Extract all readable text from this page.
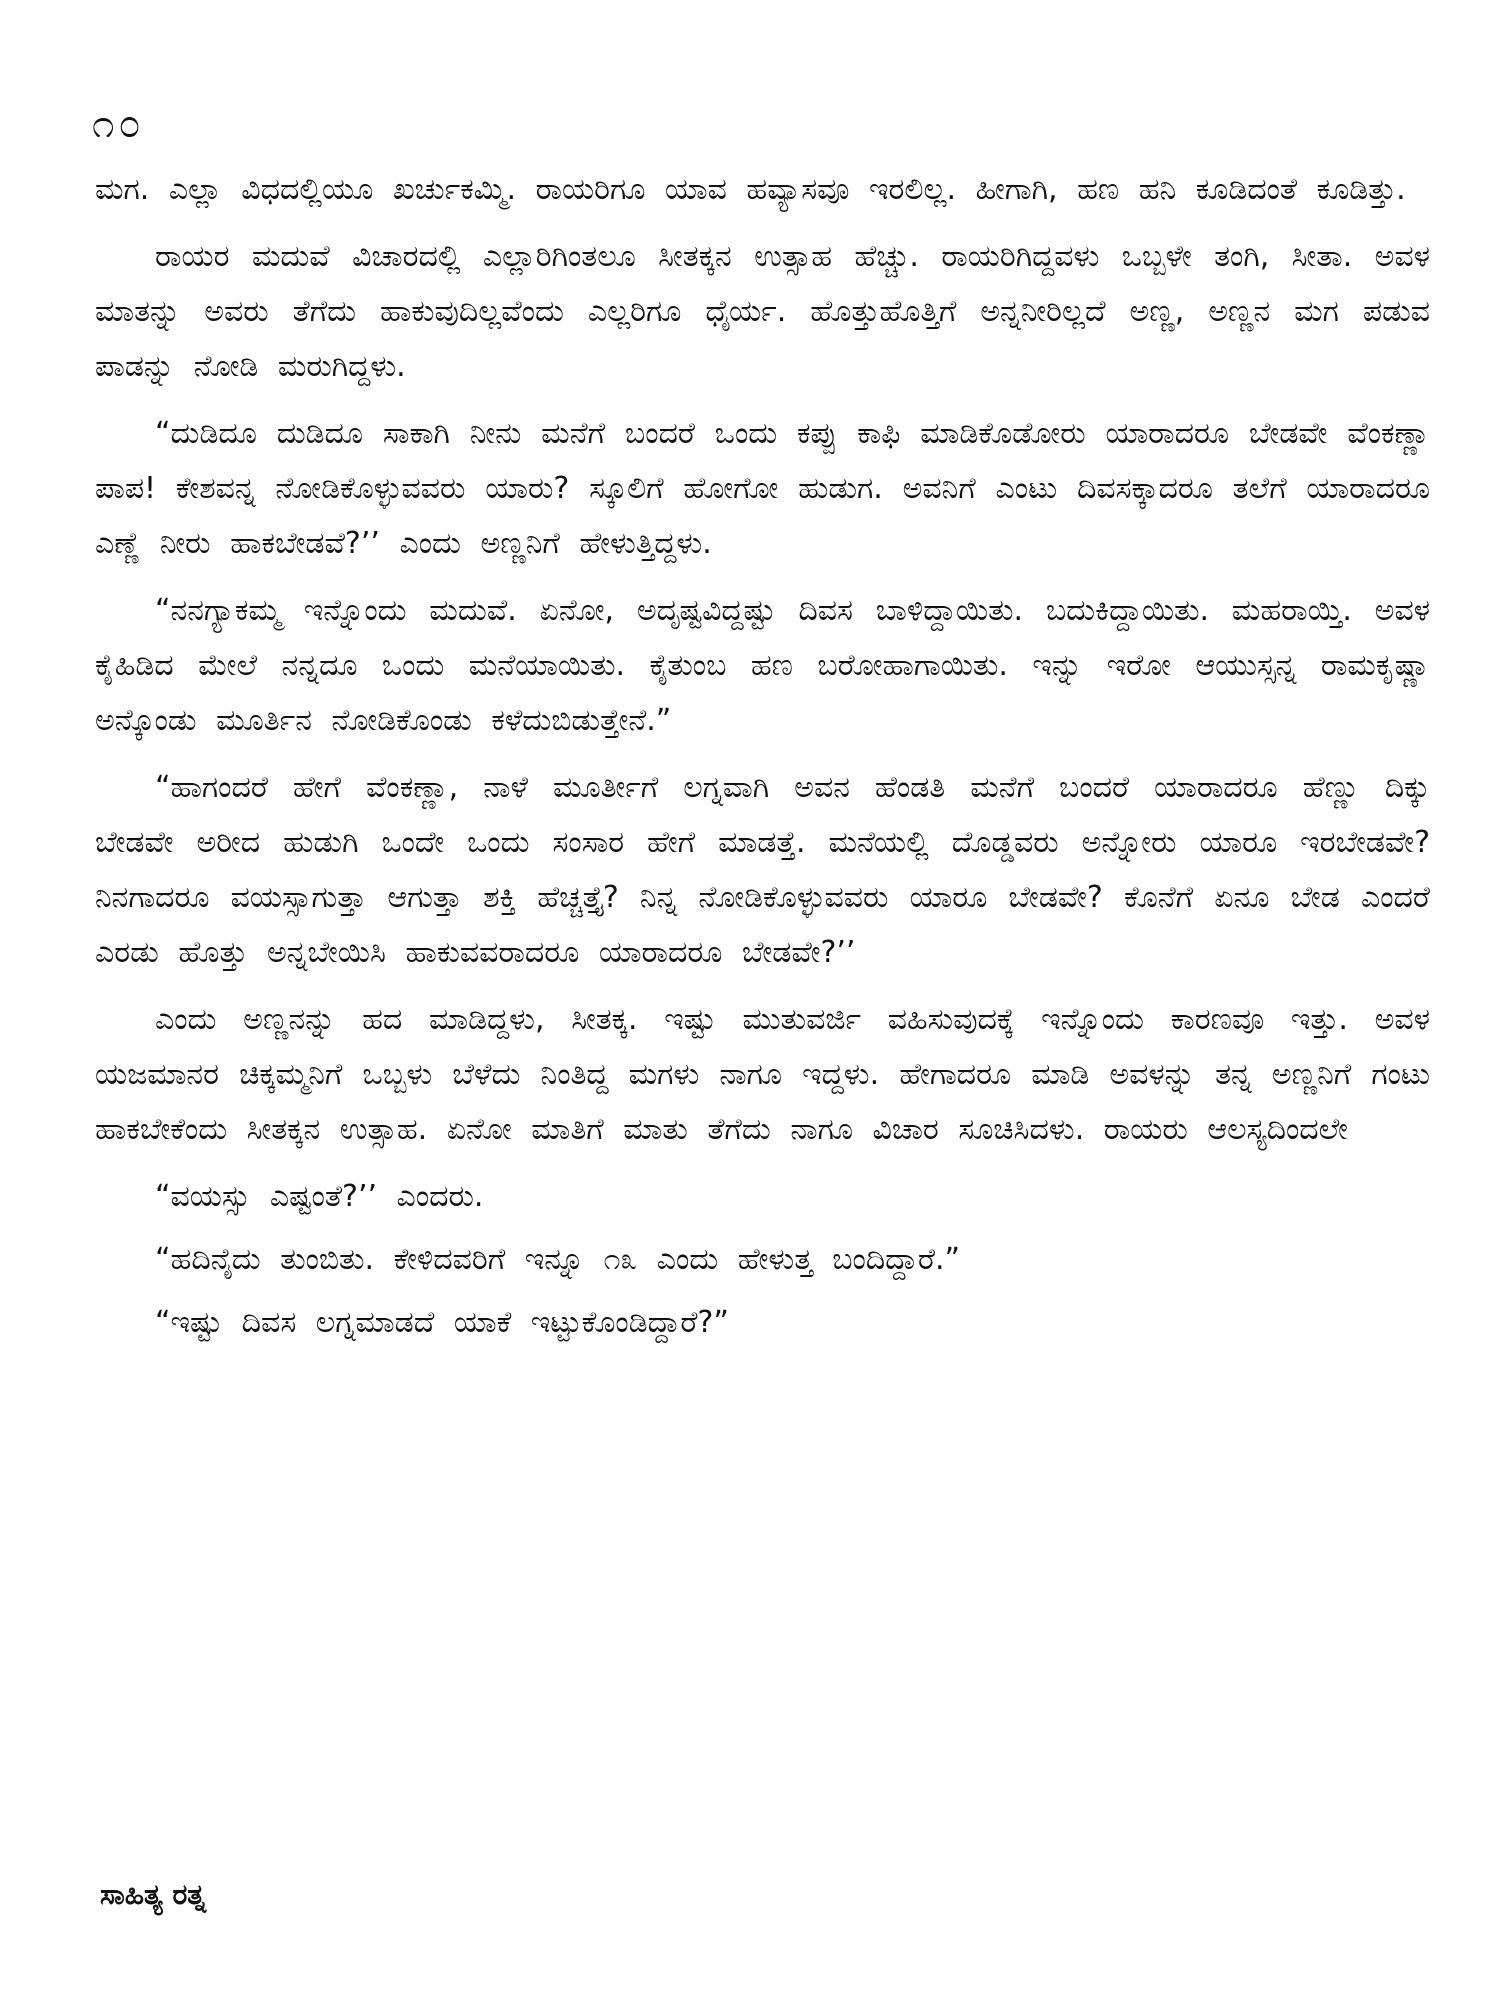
೧೦

ಮಗ. ಎಲ್ಲಾ ವಿಧದಲ್ಲಿಯೂ ಖರ್ಚುಕಮ್ಮಿ. ರಾಯರಿಗೂ ಯಾವ ಹವ್ಯಾಸವೂ ಇರಲಿಲ್ಲ. ಹೀಗಾಗಿ, ಹಣ ಹನಿ ಕೂಡಿದಂತೆ ಕೂಡಿತ್ತು.

ರಾಯರ ಮದುವೆ ವಿಚಾರದಲ್ಲಿ ಎಲ್ಲಾರಿಗಿಂತಲೂ ಸೀತಕ್ಕನ ಉತ್ಸಾಹ ಹೆಚ್ಚು. ರಾಯರಿಗಿದ್ದವಳು ಒಬ್ಬಳೇ ತಂಗಿ, ಸೀತಾ. ಅವಳ ಮಾತನ್ನು ಅವರು ತೆಗೆದು ಹಾಕುವುದಿಲ್ಲವೆಂದು ಎಲ್ಲರಿಗೂ ಧೈರ್ಯ. ಹೊತ್ತುಹೊತ್ತಿಗೆ ಅನ್ನನೀರಿಲ್ಲದೆ ಅಣ್ಣ, ಅಣ್ಣನ ಮಗ ಪಡುವ ಪಾಡನ್ನು ನೋಡಿ ಮರುಗಿದ್ದಳು.

“ದುಡಿದೂ ದುಡಿದೂ ಸಾಕಾಗಿ ನೀನು ಮನೆಗೆ ಬಂದರೆ ಒಂದು ಕಪ್ಪು ಕಾಫಿ ಮಾಡಿಕೊಡೋರು ಯಾರಾದರೂ ಬೇಡವೇ ವೆಂಕಣ್ಣಾ ಪಾಪ! ಕೇಶವನ್ನ ನೋಡಿಕೊಳ್ಳುವವರು ಯಾರು? ಸ್ಕೂಲಿಗೆ ಹೋಗೋ ಹುಡುಗ. ಅವನಿಗೆ ಎಂಟು ದಿವಸಕ್ಕಾದರೂ ತಲೆಗೆ ಯಾರಾದರೂ ಎಣ್ಣೆ ನೀರು ಹಾಕಬೇಡವೆ?’’ ಎಂದು ಅಣ್ಣನಿಗೆ ಹೇಳುತ್ತಿದ್ದಳು.

“ನನಗ್ಯಾಕಮ್ಮ ಇನ್ನೊಂದು ಮದುವೆ. ಏನೋ, ಅದೃಷ್ಟವಿದ್ದಷ್ಟು ದಿವಸ ಬಾಳಿದ್ದಾಯಿತು. ಬದುಕಿದ್ದಾಯಿತು. ಮಹರಾಯ್ತಿ. ಅವಳ ಕೈಹಿಡಿದ ಮೇಲೆ ನನ್ನದೂ ಒಂದು ಮನೆಯಾಯಿತು. ಕೈತುಂಬ ಹಣ ಬರೋಹಾಗಾಯಿತು. ಇನ್ನು ಇರೋ ಆಯುಸ್ಸನ್ನ ರಾಮಕೃಷ್ಣಾ ಅನ್ಕೊಂಡು ಮೂರ್ತಿನ ನೋಡಿಕೊಂಡು ಕಳೆದುಬಿಡುತ್ತೇನೆ.”

“ಹಾಗಂದರೆ ಹೇಗೆ ವೆಂಕಣ್ಣಾ, ನಾಳೆ ಮೂರ್ತೀಗೆ ಲಗ್ನವಾಗಿ ಅವನ ಹೆಂಡತಿ ಮನೆಗೆ ಬಂದರೆ ಯಾರಾದರೂ ಹೆಣ್ಣು ದಿಕ್ಕು ಬೇಡವೇ ಅರೀದ ಹುಡುಗಿ ಒಂದೇ ಒಂದು ಸಂಸಾರ ಹೇಗೆ ಮಾಡತ್ತೆ. ಮನೆಯಲ್ಲಿ ದೊಡ್ಡವರು ಅನ್ನೋರು ಯಾರೂ ಇರಬೇಡವೇ? ನಿನಗಾದರೂ ವಯಸ್ಸಾಗುತ್ತಾ ಆಗುತ್ತಾ ಶಕ್ತಿ ಹೆಚ್ಚತ್ತೈ? ನಿನ್ನ ನೋಡಿಕೊಳ್ಳುವವರು ಯಾರೂ ಬೇಡವೇ? ಕೊನೆಗೆ ಏನೂ ಬೇಡ ಎಂದರೆ ಎರಡು ಹೊತ್ತು ಅನ್ನಬೇಯಿಸಿ ಹಾಕುವವರಾದರೂ ಯಾರಾದರೂ ಬೇಡವೇ?’’

ಎಂದು ಅಣ್ಣನನ್ನು ಹದ ಮಾಡಿದ್ದಳು, ಸೀತಕ್ಕ. ಇಷ್ಟು ಮುತುವರ್ಜಿ ವಹಿಸುವುದಕ್ಕೆ ಇನ್ನೊಂದು ಕಾರಣವೂ ಇತ್ತು. ಅವಳ ಯಜಮಾನರ ಚಿಕ್ಕಮ್ಮನಿಗೆ ಒಬ್ಬಳು ಬೆಳೆದು ನಿಂತಿದ್ದ ಮಗಳು ನಾಗೂ ಇದ್ದಳು. ಹೇಗಾದರೂ ಮಾಡಿ ಅವಳನ್ನು ತನ್ನ ಅಣ್ಣನಿಗೆ ಗಂಟು ಹಾಕಬೇಕೆಂದು ಸೀತಕ್ಕನ ಉತ್ಸಾಹ. ಏನೋ ಮಾತಿಗೆ ಮಾತು ತೆಗೆದು ನಾಗೂ ವಿಚಾರ ಸೂಚಿಸಿದಳು. ರಾಯರು ಆಲಸ್ಯದಿಂದಲೇ

“ವಯಸ್ಸು ಎಷ್ಟಂತೆ?’’ ಎಂದರು.

“ಹದಿನೈದು ತುಂಬಿತು. ಕೇಳಿದವರಿಗೆ ಇನ್ನೂ ೧೩ ಎಂದು ಹೇಳುತ್ತ ಬಂದಿದ್ದಾರೆ.”

“ಇಷ್ಟು ದಿವಸ ಲಗ್ನಮಾಡದೆ ಯಾಕೆ ಇಟ್ಟುಕೊಂಡಿದ್ದಾರೆ?”

ಸಾಹಿತ್ಯ ರತ್ನ
